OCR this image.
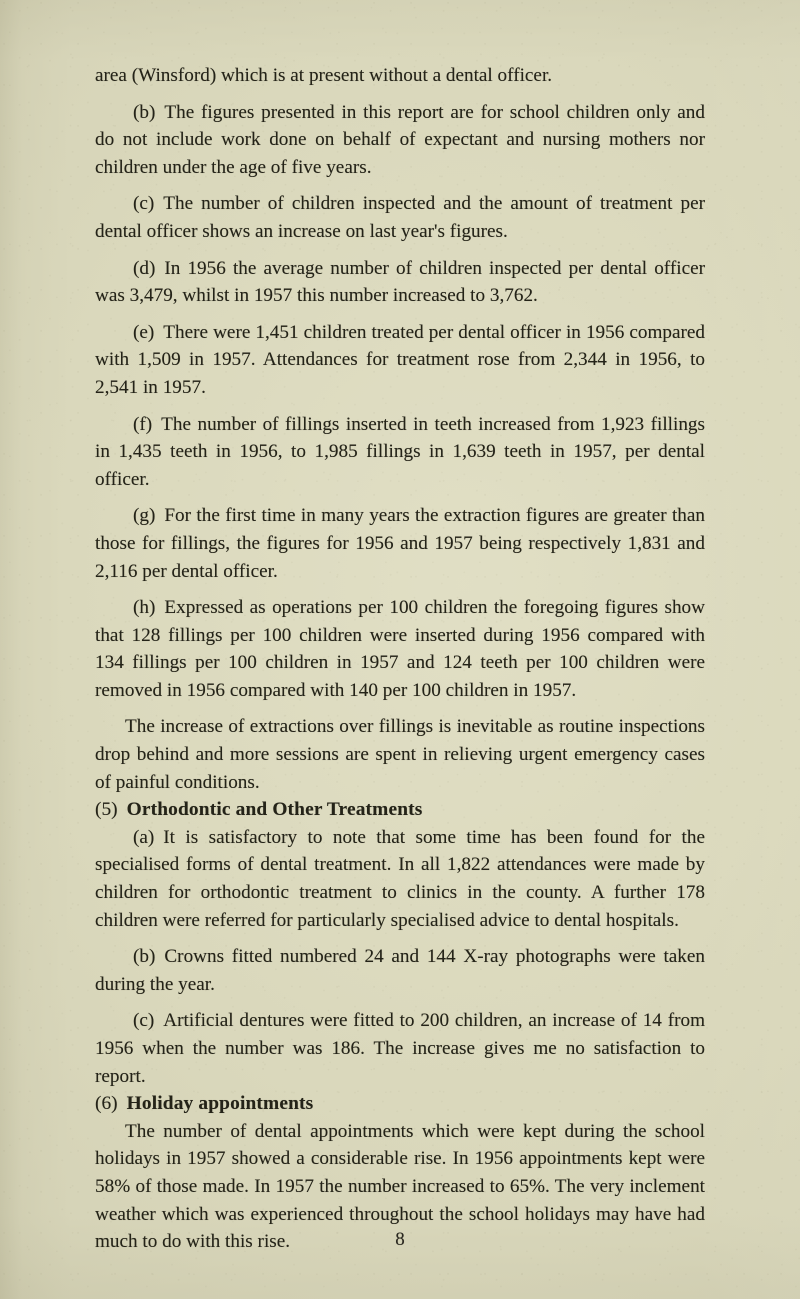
area (Winsford) which is at present without a dental officer.

(b) The figures presented in this report are for school children only and do not include work done on behalf of expectant and nursing mothers nor children under the age of five years.

(c) The number of children inspected and the amount of treatment per dental officer shows an increase on last year's figures.

(d) In 1956 the average number of children inspected per dental officer was 3,479, whilst in 1957 this number increased to 3,762.

(e) There were 1,451 children treated per dental officer in 1956 compared with 1,509 in 1957. Attendances for treatment rose from 2,344 in 1956, to 2,541 in 1957.

(f) The number of fillings inserted in teeth increased from 1,923 fillings in 1,435 teeth in 1956, to 1,985 fillings in 1,639 teeth in 1957, per dental officer.

(g) For the first time in many years the extraction figures are greater than those for fillings, the figures for 1956 and 1957 being respectively 1,831 and 2,116 per dental officer.

(h) Expressed as operations per 100 children the foregoing figures show that 128 fillings per 100 children were inserted during 1956 compared with 134 fillings per 100 children in 1957 and 124 teeth per 100 children were removed in 1956 compared with 140 per 100 children in 1957.

The increase of extractions over fillings is inevitable as routine inspections drop behind and more sessions are spent in relieving urgent emergency cases of painful conditions.

(5) Orthodontic and Other Treatments

(a) It is satisfactory to note that some time has been found for the specialised forms of dental treatment. In all 1,822 attendances were made by children for orthodontic treatment to clinics in the county. A further 178 children were referred for particularly specialised advice to dental hospitals.

(b) Crowns fitted numbered 24 and 144 X-ray photographs were taken during the year.

(c) Artificial dentures were fitted to 200 children, an increase of 14 from 1956 when the number was 186. The increase gives me no satisfaction to report.

(6) Holiday appointments

The number of dental appointments which were kept during the school holidays in 1957 showed a considerable rise. In 1956 appointments kept were 58% of those made. In 1957 the number increased to 65%. The very inclement weather which was experienced throughout the school holidays may have had much to do with this rise.	8
